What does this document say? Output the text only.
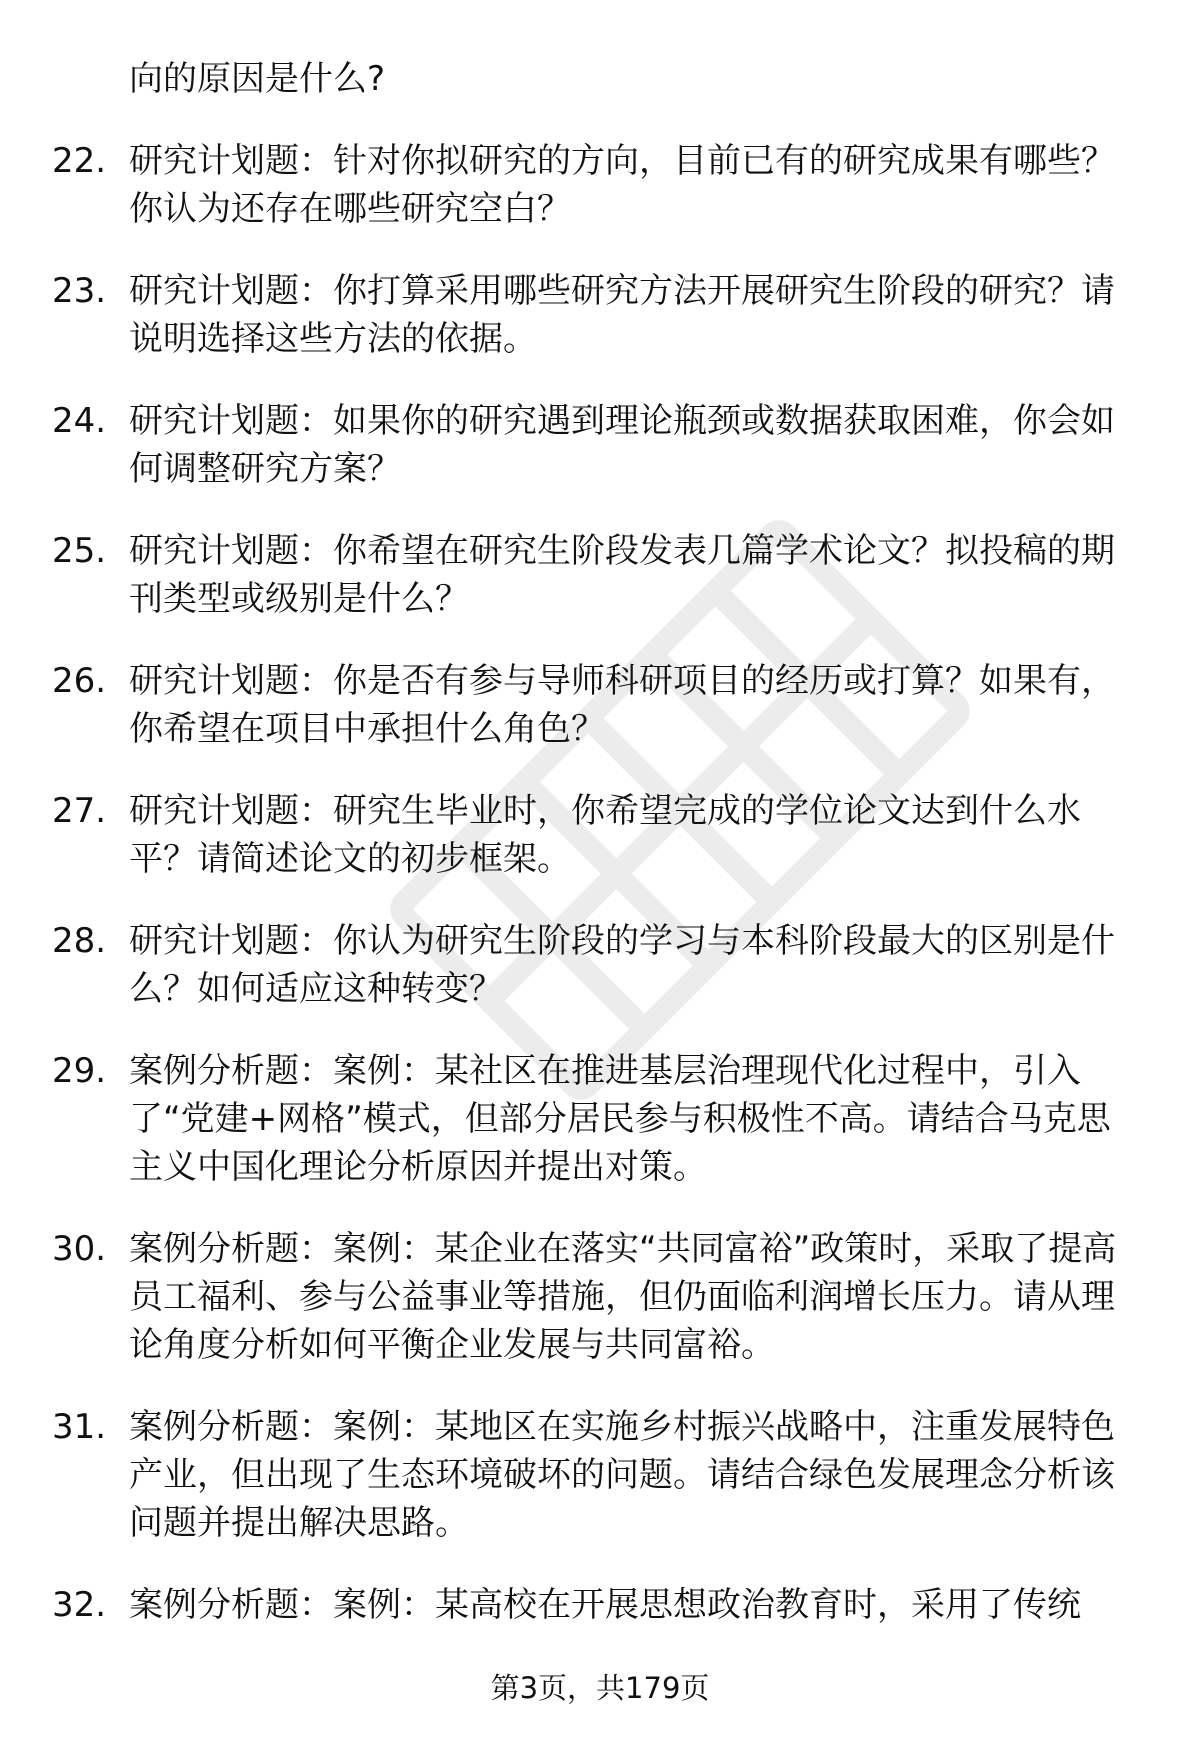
向的原因是什么?
22. 研究计划题：针对你拟研究的方向，目前已有的研究成果有哪些？你认为还存在哪些研究空白？
23. 研究计划题：你打算采用哪些研究方法开展研究生阶段的研究？请说明选择这些方法的依据。
24. 研究计划题：如果你的研究遇到理论瓶颈或数据获取困难，你会如何调整研究方案？
25. 研究计划题：你希望在研究生阶段发表几篇学术论文？拟投稿的期刊类型或级别是什么？
26. 研究计划题：你是否有参与导师科研项目的经历或打算？如果有，你希望在项目中承担什么角色？
27. 研究计划题：研究生毕业时，你希望完成的学位论文达到什么水平？请简述论文的初步框架。
28. 研究计划题：你认为研究生阶段的学习与本科阶段最大的区别是什么？如何适应这种转变？
29. 案例分析题：案例：某社区在推进基层治理现代化过程中，引入了“党建+网格”模式，但部分居民参与积极性不高。请结合马克思主义中国化理论分析原因并提出对策。
30. 案例分析题：案例：某企业在落实“共同富裕”政策时，采取了提高员工福利、参与公益事业等措施，但仍面临利润增长压力。请从理论角度分析如何平衡企业发展与共同富裕。
31. 案例分析题：案例：某地区在实施乡村振兴战略中，注重发展特色产业，但出现了生态环境破坏的问题。请结合绿色发展理念分析该问题并提出解决思路。
32. 案例分析题：案例：某高校在开展思想政治教育时，采用了传统
第3页，共179页
